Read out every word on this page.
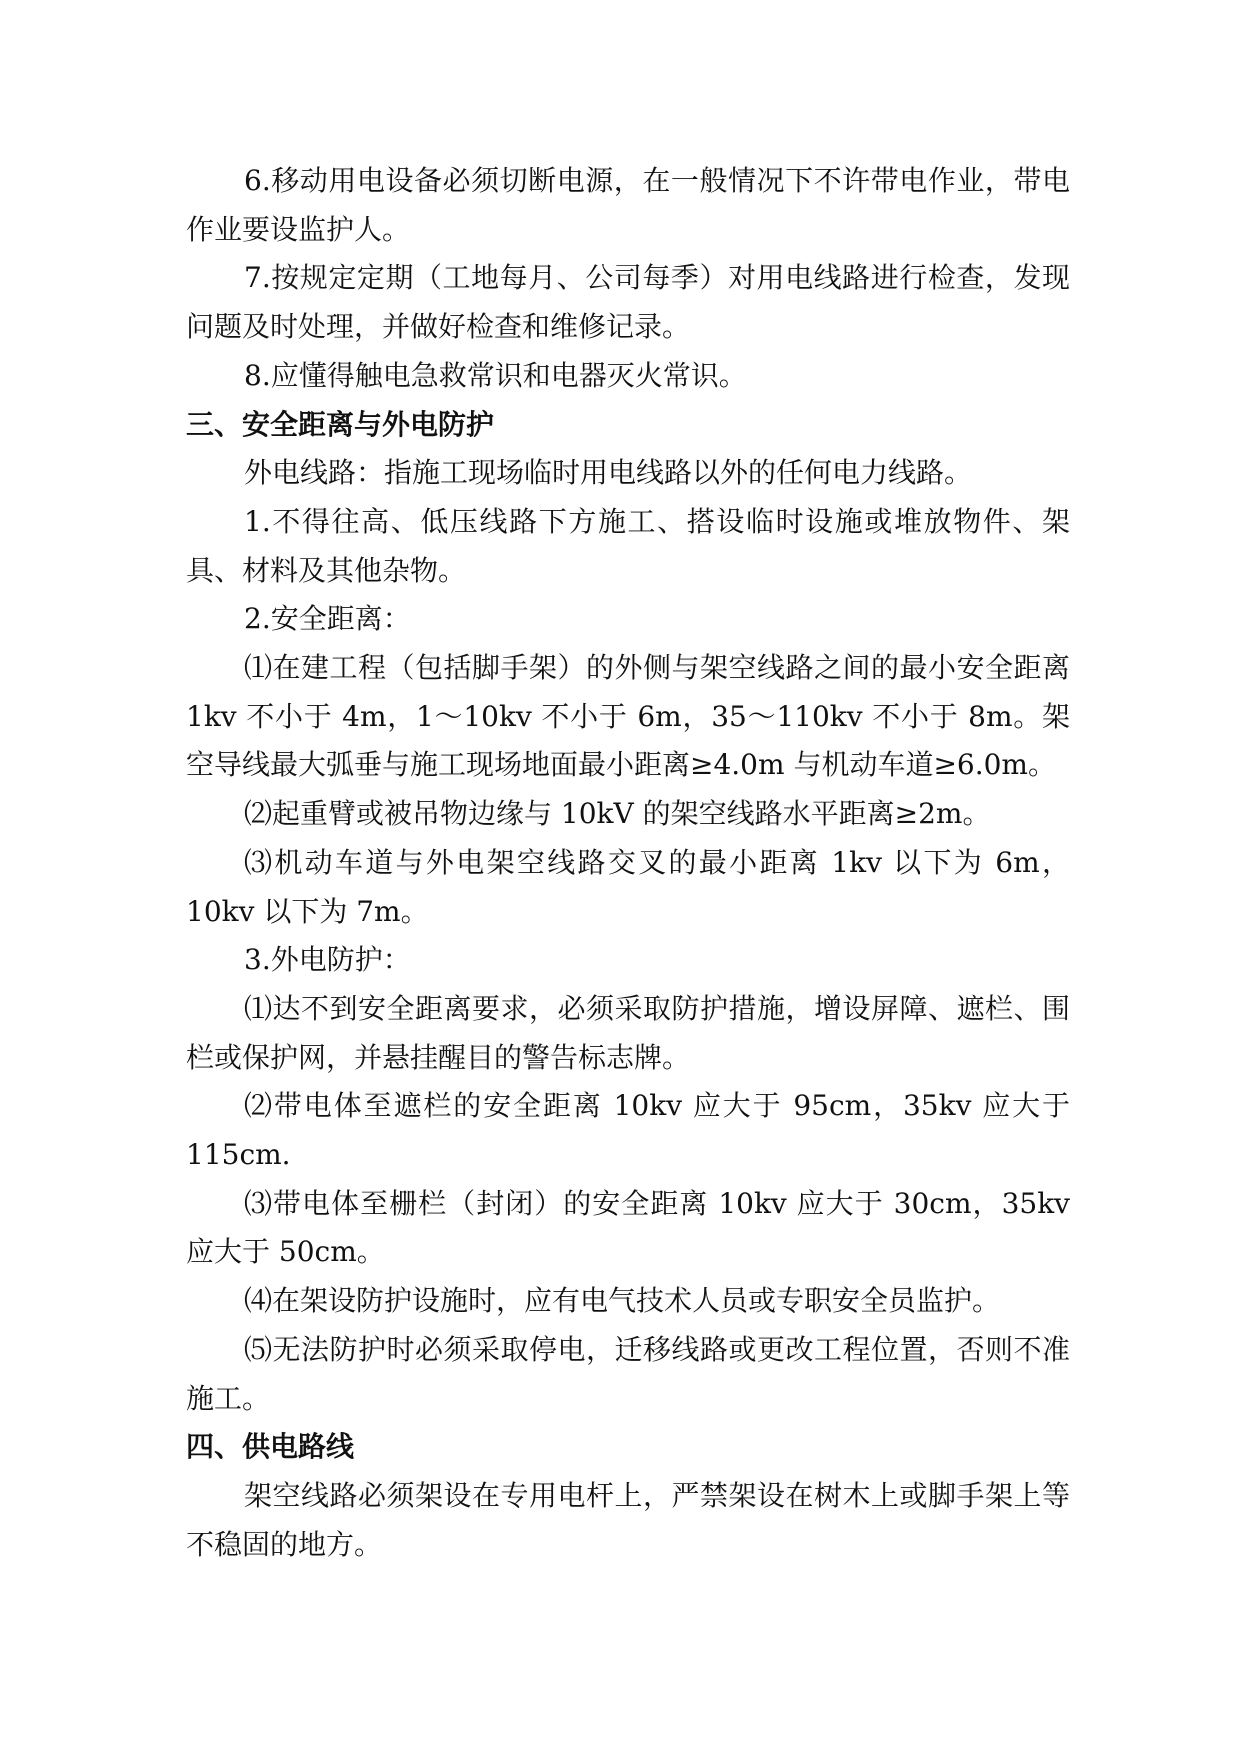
6.移动用电设备必须切断电源，在一般情况下不许带电作业，带电作业要设监护人。

7.按规定定期（工地每月、公司每季）对用电线路进行检查，发现问题及时处理，并做好检查和维修记录。

8.应懂得触电急救常识和电器灭火常识。

三、安全距离与外电防护

外电线路：指施工现场临时用电线路以外的任何电力线路。

1.不得往高、低压线路下方施工、搭设临时设施或堆放物件、架具、材料及其他杂物。

2.安全距离：

⑴在建工程（包括脚手架）的外侧与架空线路之间的最小安全距离 1kv 不小于 4m，1～10kv 不小于 6m，35～110kv 不小于 8m。架空导线最大弧垂与施工现场地面最小距离≥4.0m 与机动车道≥6.0m。

⑵起重臂或被吊物边缘与 10kV 的架空线路水平距离≥2m。

⑶机动车道与外电架空线路交叉的最小距离 1kv 以下为 6m，10kv 以下为 7m。

3.外电防护：

⑴达不到安全距离要求，必须采取防护措施，增设屏障、遮栏、围栏或保护网，并悬挂醒目的警告标志牌。

⑵带电体至遮栏的安全距离 10kv 应大于 95cm，35kv 应大于 115cm.

⑶带电体至栅栏（封闭）的安全距离 10kv 应大于 30cm，35kv 应大于 50cm。

⑷在架设防护设施时，应有电气技术人员或专职安全员监护。

⑸无法防护时必须采取停电，迁移线路或更改工程位置，否则不准施工。

四、供电路线

架空线路必须架设在专用电杆上，严禁架设在树木上或脚手架上等不稳固的地方。
